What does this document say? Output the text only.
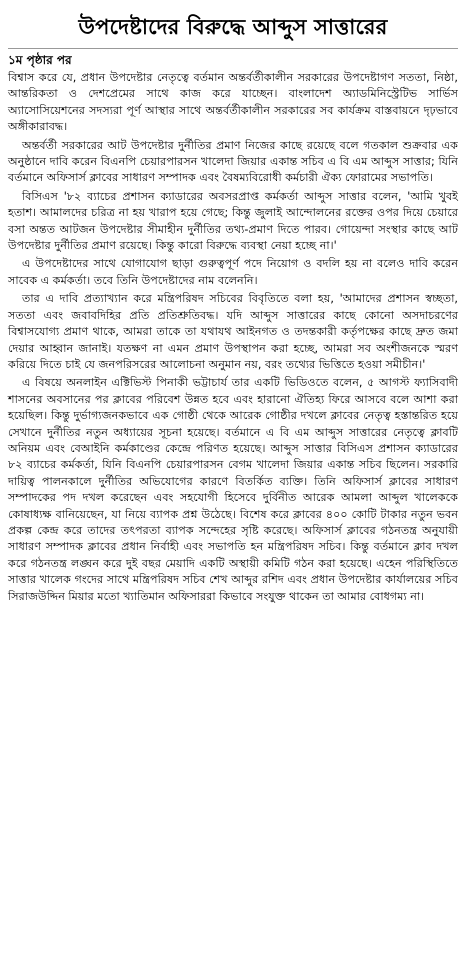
উপদেষ্টাদের বিরুদ্ধে আব্দুস সাত্তারের
১ম পৃষ্ঠার পর

বিশ্বাস করে যে, প্রধান উপদেষ্টার নেতৃত্বে বর্তমান অন্তর্বর্তীকালীন সরকারের উপদেষ্টাগণ সততা, নিষ্ঠা, আন্তরিকতা ও দেশপ্রেমের সাথে কাজ করে যাচ্ছেন। বাংলাদেশ অ্যাডমিনিস্ট্রেটিভ সার্ভিস অ্যাসোসিয়েশনের সদস্যরা পূর্ণ আস্থার সাথে অন্তর্বর্তীকালীন সরকারের সব কার্যক্রম বাস্তবায়নে দৃঢ়ভাবে অঙ্গীকারাবদ্ধ।

অন্তর্বর্তী সরকারের আট উপদেষ্টার দুর্নীতির প্রমাণ নিজের কাছে রয়েছে বলে গতকাল শুক্রবার এক অনুষ্ঠানে দাবি করেন বিএনপি চেয়ারপারসন খালেদা জিয়ার একান্ত সচিব এ বি এম আব্দুস সাত্তার; যিনি বর্তমানে অফিসার্স ক্লাবের সাধারণ সম্পাদক এবং বৈষম্যবিরোধী কর্মচারী ঐক্য ফোরামের সভাপতি।

বিসিএস '৮২ ব্যাচের প্রশাসন ক্যাডারের অবসরপ্রাপ্ত কর্মকর্তা আব্দুস সাত্তার বলেন, 'আমি খুবই হতাশ। আমালদের চরিত্র না হয় খারাপ হয়ে গেছে; কিন্তু জুলাই আন্দোলনের রক্তের ওপর দিয়ে চেয়ারে বসা অন্তত আটজন উপদেষ্টার সীমাহীন দুর্নীতির তথ্য-প্রমাণ দিতে পারব। গোয়েন্দা সংস্থার কাছে আট উপদেষ্টার দুর্নীতির প্রমাণ রয়েছে। কিন্তু কারো বিরুদ্ধে ব্যবস্থা নেয়া হচ্ছে না।'

এ উপদেষ্টাদের সাথে যোগাযোগ ছাড়া গুরুত্বপূর্ণ পদে নিয়োগ ও বদলি হয় না বলেও দাবি করেন সাবেক এ কর্মকর্তা। তবে তিনি উপদেষ্টাদের নাম বলেননি।

তার এ দাবি প্রত্যাখ্যান করে মন্ত্রিপরিষদ সচিবের বিবৃতিতে বলা হয়, 'আমাদের প্রশাসন স্বচ্ছতা, সততা এবং জবাবদিহির প্রতি প্রতিশ্রুতিবদ্ধ। যদি আব্দুস সাত্তারের কাছে কোনো অসদাচরণের বিশ্বাসযোগ্য প্রমাণ থাকে, আমরা তাকে তা যথাযথ আইনগত ও তদন্তকারী কর্তৃপক্ষের কাছে দ্রুত জমা দেয়ার আহ্বান জানাই। যতক্ষণ না এমন প্রমাণ উপস্থাপন করা হচ্ছে, আমরা সব অংশীজনকে স্মরণ করিয়ে দিতে চাই যে জনপরিসরের আলোচনা অনুমান নয়, বরং তথ্যের ভিত্তিতে হওয়া সমীচীন।'

এ বিষয়ে অনলাইন এক্টিভিস্ট পিনাকী ভট্টাচার্য তার একটি ভিডিওতে বলেন, ৫ আগস্ট ফ্যাসিবাদী শাসনের অবসানের পর ক্লাবের পরিবেশ উন্নত হবে এবং হারানো ঐতিহ্য ফিরে আসবে বলে আশা করা হয়েছিল। কিন্তু দুর্ভাগ্যজনকভাবে এক গোষ্ঠী থেকে আরেক গোষ্ঠীর দখলে ক্লাবের নেতৃত্ব হস্তান্তরিত হয়ে সেখানে দুর্নীতির নতুন অধ্যায়ের সূচনা হয়েছে। বর্তমানে এ বি এম আব্দুস সাত্তারের নেতৃত্বে ক্লাবটি অনিয়ম এবং বেআইনি কর্মকাণ্ডের কেন্দ্রে পরিণত হয়েছে। আব্দুস সাত্তার বিসিএস প্রশাসন ক্যাডারের ৮২ ব্যাচের কর্মকর্তা, যিনি বিএনপি চেয়ারপারসন বেগম খালেদা জিয়ার একান্ত সচিব ছিলেন। সরকারি দায়িত্ব পালনকালে দুর্নীতির অভিযোগের কারণে বিতর্কিত ব্যক্তি। তিনি অফিসার্স ক্লাবের সাধারণ সম্পাদকের পদ দখল করেছেন এবং সহযোগী হিসেবে দুর্বিনীত আরেক আমলা আব্দুল খালেককে কোষাধ্যক্ষ বানিয়েছেন, যা নিয়ে ব্যাপক প্রশ্ন উঠেছে। বিশেষ করে ক্লাবের ৪০০ কোটি টাকার নতুন ভবন প্রকল্প কেন্দ্র করে তাদের তৎপরতা ব্যাপক সন্দেহের সৃষ্টি করেছে। অফিসার্স ক্লাবের গঠনতন্ত্র অনুযায়ী সাধারণ সম্পাদক ক্লাবের প্রধান নির্বাহী এবং সভাপতি হন মন্ত্রিপরিষদ সচিব। কিন্তু বর্তমানে ক্লাব দখল করে গঠনতন্ত্র লঙ্ঘন করে দুই বছর মেয়াদি একটি অস্থায়ী কমিটি গঠন করা হয়েছে। এহেন পরিস্থিতিতে সাত্তার খালেক গংদের সাথে মন্ত্রিপরিষদ সচিব শেখ আব্দুর রশিদ এবং প্রধান উপদেষ্টার কার্যালয়ের সচিব সিরাজউদ্দিন মিয়ার মতো খ্যাতিমান অফিসাররা কিভাবে সংযুক্ত থাকেন তা আমার বোধগম্য না।
